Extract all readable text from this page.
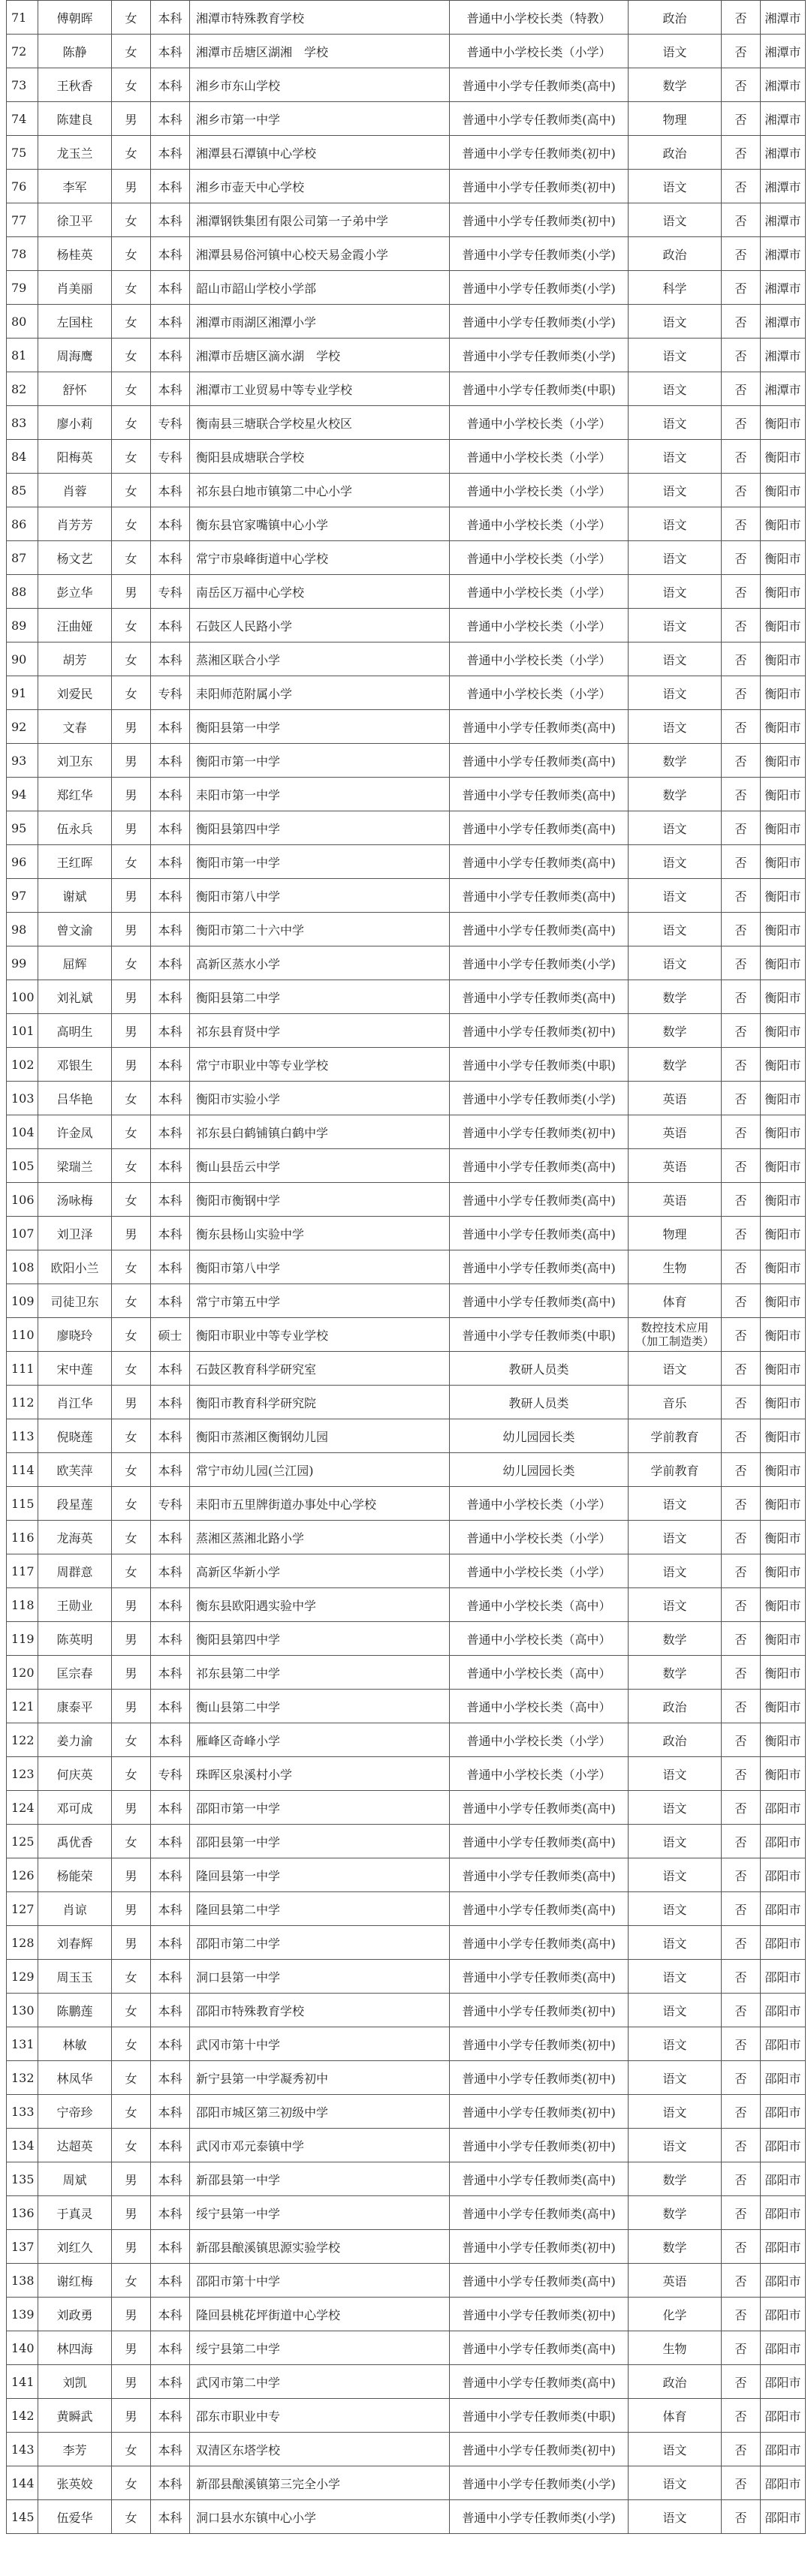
71	傅朝晖	女	本科	湘潭市特殊教育学校	普通中小学校长类（特教）	政治	否	湘潭市
72	陈静	女	本科	湘潭市岳塘区湖湘　学校	普通中小学校长类（小学）	语文	否	湘潭市
73	王秋香	女	本科	湘乡市东山学校	普通中小学专任教师类(高中)	数学	否	湘潭市
74	陈建良	男	本科	湘乡市第一中学	普通中小学专任教师类(高中)	物理	否	湘潭市
75	龙玉兰	女	本科	湘潭县石潭镇中心学校	普通中小学专任教师类(初中)	政治	否	湘潭市
76	李军	男	本科	湘乡市壶天中心学校	普通中小学专任教师类(初中)	语文	否	湘潭市
77	徐卫平	女	本科	湘潭钢铁集团有限公司第一子弟中学	普通中小学专任教师类(初中)	语文	否	湘潭市
78	杨桂英	女	本科	湘潭县易俗河镇中心校天易金霞小学	普通中小学专任教师类(小学)	政治	否	湘潭市
79	肖美丽	女	本科	韶山市韶山学校小学部	普通中小学专任教师类(小学)	科学	否	湘潭市
80	左国柱	女	本科	湘潭市雨湖区湘潭小学	普通中小学专任教师类(小学)	语文	否	湘潭市
81	周海鹰	女	本科	湘潭市岳塘区滴水湖　学校	普通中小学专任教师类(小学)	语文	否	湘潭市
82	舒怀	女	本科	湘潭市工业贸易中等专业学校	普通中小学专任教师类(中职)	语文	否	湘潭市
83	廖小莉	女	专科	衡南县三塘联合学校星火校区	普通中小学校长类（小学）	语文	否	衡阳市
84	阳梅英	女	专科	衡阳县成塘联合学校	普通中小学校长类（小学）	语文	否	衡阳市
85	肖蓉	女	本科	祁东县白地市镇第二中心小学	普通中小学校长类（小学）	语文	否	衡阳市
86	肖芳芳	女	本科	衡东县官家嘴镇中心小学	普通中小学校长类（小学）	语文	否	衡阳市
87	杨文艺	女	本科	常宁市泉峰街道中心学校	普通中小学校长类（小学）	语文	否	衡阳市
88	彭立华	男	专科	南岳区万福中心学校	普通中小学校长类（小学）	语文	否	衡阳市
89	汪曲娅	女	本科	石鼓区人民路小学	普通中小学校长类（小学）	语文	否	衡阳市
90	胡芳	女	本科	蒸湘区联合小学	普通中小学校长类（小学）	语文	否	衡阳市
91	刘爱民	女	专科	耒阳师范附属小学	普通中小学校长类（小学）	语文	否	衡阳市
92	文春	男	本科	衡阳县第一中学	普通中小学专任教师类(高中)	语文	否	衡阳市
93	刘卫东	男	本科	衡阳市第一中学	普通中小学专任教师类(高中)	数学	否	衡阳市
94	郑红华	男	本科	耒阳市第一中学	普通中小学专任教师类(高中)	数学	否	衡阳市
95	伍永兵	男	本科	衡阳县第四中学	普通中小学专任教师类(高中)	语文	否	衡阳市
96	王红晖	女	本科	衡阳市第一中学	普通中小学专任教师类(高中)	语文	否	衡阳市
97	谢斌	男	本科	衡阳市第八中学	普通中小学专任教师类(高中)	语文	否	衡阳市
98	曾文渝	男	本科	衡阳市第二十六中学	普通中小学专任教师类(高中)	语文	否	衡阳市
99	屈辉	女	本科	高新区蒸水小学	普通中小学专任教师类(小学)	语文	否	衡阳市
100	刘礼斌	男	本科	衡阳县第二中学	普通中小学专任教师类(高中)	数学	否	衡阳市
101	高明生	男	本科	祁东县育贤中学	普通中小学专任教师类(初中)	数学	否	衡阳市
102	邓银生	男	本科	常宁市职业中等专业学校	普通中小学专任教师类(中职)	数学	否	衡阳市
103	吕华艳	女	本科	衡阳市实验小学	普通中小学专任教师类(小学)	英语	否	衡阳市
104	许金凤	女	本科	祁东县白鹤铺镇白鹤中学	普通中小学专任教师类(初中)	英语	否	衡阳市
105	梁瑞兰	女	本科	衡山县岳云中学	普通中小学专任教师类(高中)	英语	否	衡阳市
106	汤咏梅	女	本科	衡阳市衡钢中学	普通中小学专任教师类(高中)	英语	否	衡阳市
107	刘卫泽	男	本科	衡东县杨山实验中学	普通中小学专任教师类(高中)	物理	否	衡阳市
108	欧阳小兰	女	本科	衡阳市第八中学	普通中小学专任教师类(高中)	生物	否	衡阳市
109	司徒卫东	女	本科	常宁市第五中学	普通中小学专任教师类(高中)	体育	否	衡阳市
110	廖晓玲	女	硕士	衡阳市职业中等专业学校	普通中小学专任教师类(中职)	数控技术应用（加工制造类）	否	衡阳市
111	宋中莲	女	本科	石鼓区教育科学研究室	教研人员类	语文	否	衡阳市
112	肖江华	男	本科	衡阳市教育科学研究院	教研人员类	音乐	否	衡阳市
113	倪晓莲	女	本科	衡阳市蒸湘区衡钢幼儿园	幼儿园园长类	学前教育	否	衡阳市
114	欧芙萍	女	本科	常宁市幼儿园(兰江园)	幼儿园园长类	学前教育	否	衡阳市
115	段星莲	女	专科	耒阳市五里牌街道办事处中心学校	普通中小学校长类（小学）	语文	否	衡阳市
116	龙海英	女	本科	蒸湘区蒸湘北路小学	普通中小学校长类（小学）	语文	否	衡阳市
117	周群意	女	本科	高新区华新小学	普通中小学校长类（小学）	语文	否	衡阳市
118	王勋业	男	本科	衡东县欧阳遇实验中学	普通中小学校长类（高中）	语文	否	衡阳市
119	陈英明	男	本科	衡阳县第四中学	普通中小学校长类（高中）	数学	否	衡阳市
120	匡宗春	男	本科	祁东县第二中学	普通中小学校长类（高中）	数学	否	衡阳市
121	康泰平	男	本科	衡山县第二中学	普通中小学校长类（高中）	政治	否	衡阳市
122	姜力渝	女	本科	雁峰区奇峰小学	普通中小学校长类（小学）	政治	否	衡阳市
123	何庆英	女	专科	珠晖区泉溪村小学	普通中小学校长类（小学）	语文	否	衡阳市
124	邓可成	男	本科	邵阳市第一中学	普通中小学专任教师类(高中)	语文	否	邵阳市
125	禹优香	女	本科	邵阳县第一中学	普通中小学专任教师类(高中)	语文	否	邵阳市
126	杨能荣	男	本科	隆回县第一中学	普通中小学专任教师类(高中)	语文	否	邵阳市
127	肖谅	男	本科	隆回县第二中学	普通中小学专任教师类(高中)	语文	否	邵阳市
128	刘春辉	男	本科	邵阳市第二中学	普通中小学专任教师类(高中)	语文	否	邵阳市
129	周玉玉	女	本科	洞口县第一中学	普通中小学专任教师类(高中)	语文	否	邵阳市
130	陈鹏莲	女	本科	邵阳市特殊教育学校	普通中小学专任教师类(初中)	语文	否	邵阳市
131	林敏	女	本科	武冈市第十中学	普通中小学专任教师类(初中)	语文	否	邵阳市
132	林凤华	女	本科	新宁县第一中学凝秀初中	普通中小学专任教师类(初中)	语文	否	邵阳市
133	宁帝珍	女	本科	邵阳市城区第三初级中学	普通中小学专任教师类(初中)	语文	否	邵阳市
134	达超英	女	本科	武冈市邓元泰镇中学	普通中小学专任教师类(初中)	语文	否	邵阳市
135	周斌	男	本科	新邵县第一中学	普通中小学专任教师类(高中)	数学	否	邵阳市
136	于真灵	男	本科	绥宁县第一中学	普通中小学专任教师类(高中)	数学	否	邵阳市
137	刘红久	男	本科	新邵县酿溪镇思源实验学校	普通中小学专任教师类(初中)	数学	否	邵阳市
138	谢红梅	女	本科	邵阳市第十中学	普通中小学专任教师类(高中)	英语	否	邵阳市
139	刘政勇	男	本科	隆回县桃花坪街道中心学校	普通中小学专任教师类(初中)	化学	否	邵阳市
140	林四海	男	本科	绥宁县第二中学	普通中小学专任教师类(高中)	生物	否	邵阳市
141	刘凯	男	本科	武冈市第二中学	普通中小学专任教师类(高中)	政治	否	邵阳市
142	黄瞬武	男	本科	邵东市职业中专	普通中小学专任教师类(中职)	体育	否	邵阳市
143	李芳	女	本科	双清区东塔学校	普通中小学专任教师类(初中)	语文	否	邵阳市
144	张英姣	女	本科	新邵县酿溪镇第三完全小学	普通中小学专任教师类(小学)	语文	否	邵阳市
145	伍爱华	女	本科	洞口县水东镇中心小学	普通中小学专任教师类(小学)	语文	否	邵阳市
